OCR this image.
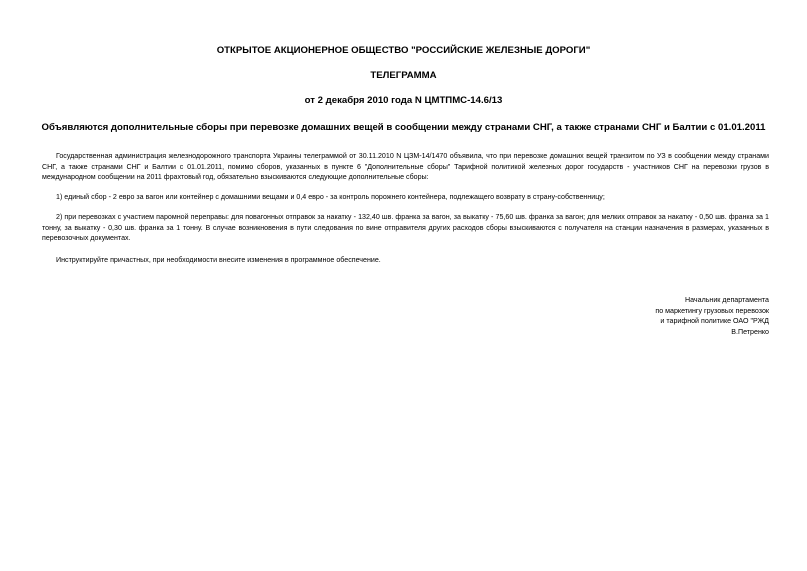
ОТКРЫТОЕ АКЦИОНЕРНОЕ ОБЩЕСТВО "РОССИЙСКИЕ ЖЕЛЕЗНЫЕ ДОРОГИ"
ТЕЛЕГРАММА
от 2 декабря 2010 года N ЦМТПМС-14.6/13
Объявляются дополнительные сборы при перевозке домашних вещей в сообщении между странами СНГ, а также странами СНГ и Балтии с 01.01.2011
Государственная администрация железнодорожного транспорта Украины телеграммой от 30.11.2010 N ЦЗМ-14/1470 объявила, что при перевозке домашних вещей транзитом по УЗ в сообщении между странами СНГ, а также странами СНГ и Балтии с 01.01.2011, помимо сборов, указанных в пункте 6 "Дополнительные сборы" Тарифной политикой железных дорог государств - участников СНГ на перевозки грузов в международном сообщении на 2011 фрахтовый год, обязательно взыскиваются следующие дополнительные сборы:
1) единый сбор - 2 евро за вагон или контейнер с домашними вещами и 0,4 евро - за контроль порожнего контейнера, подлежащего возврату в страну-собственницу;
2) при перевозках с участием паромной переправы: для повагонных отправок за накатку - 132,40 шв. франка за вагон, за выкатку - 75,60 шв. франка за вагон; для мелких отправок за накатку - 0,50 шв. франка за 1 тонну, за выкатку - 0,30 шв. франка за 1 тонну. В случае возникновения в пути следования по вине отправителя других расходов сборы взыскиваются с получателя на станции назначения в размерах, указанных в перевозочных документах.
Инструктируйте причастных, при необходимости внесите изменения в программное обеспечение.
Начальник департамента
по маркетингу грузовых перевозок
и тарифной политике ОАО "РЖД
В.Петренко
